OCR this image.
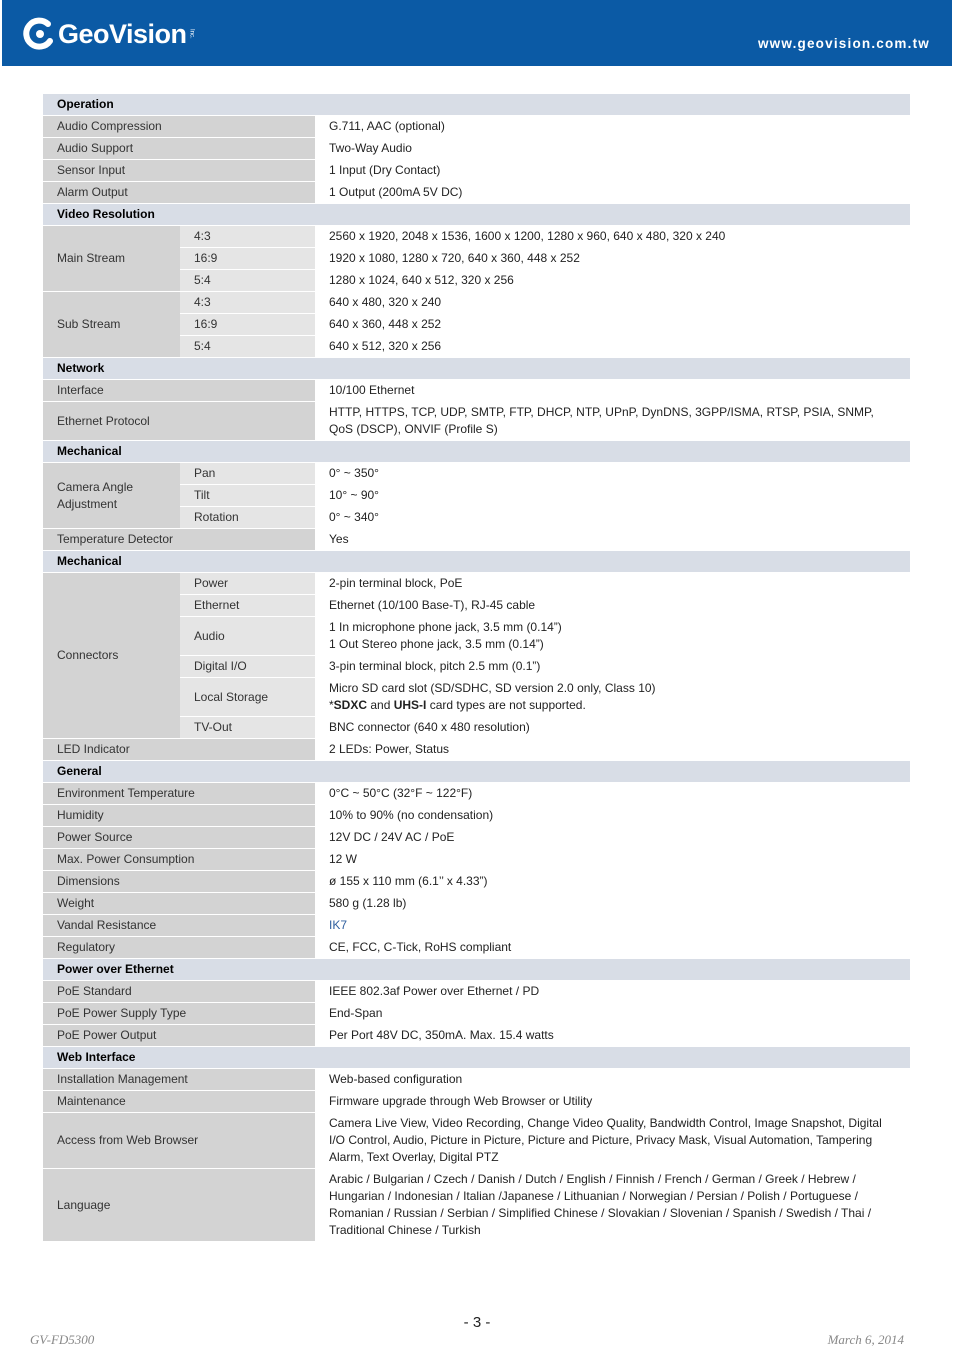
GeoVision Inc.
www.geovision.com.tw
Operation		
Audio Compression		G.711, AAC (optional)
Audio Support		Two-Way Audio
Sensor Input		1 Input (Dry Contact)
Alarm Output		1 Output (200mA 5V DC)
Video Resolution		
Main Stream	4:3	2560 x 1920, 2048 x 1536, 1600 x 1200, 1280 x 960, 640 x 480, 320 x 240
	16:9	1920 x 1080, 1280 x 720, 640 x 360, 448 x 252
	5:4	1280 x 1024, 640 x 512, 320 x 256
Sub Stream	4:3	640 x 480, 320 x 240
	16:9	640 x 360, 448 x 252
	5:4	640 x 512, 320 x 256
Network		
Interface		10/100 Ethernet
Ethernet Protocol		HTTP, HTTPS, TCP, UDP, SMTP, FTP, DHCP, NTP, UPnP, DynDNS, 3GPP/ISMA, RTSP, PSIA, SNMP, QoS (DSCP), ONVIF (Profile S)
Mechanical		
Camera Angle Adjustment	Pan	0° ~ 350°
	Tilt	10° ~ 90°
	Rotation	0° ~ 340°
Temperature Detector		Yes
Mechanical		
Connectors	Power	2-pin terminal block, PoE
	Ethernet	Ethernet (10/100 Base-T), RJ-45 cable
	Audio	1 In microphone phone jack, 3.5 mm (0.14”)
1 Out Stereo phone jack, 3.5 mm (0.14”)

	Digital I/O	3-pin terminal block, pitch 2.5 mm (0.1”)
	Local Storage	Micro SD card slot (SD/SDHC, SD version 2.0 only, Class 10)
*SDXC and UHS-I card types are not supported.

	TV-Out	BNC connector (640 x 480 resolution)
LED Indicator		2 LEDs: Power, Status
General		
Environment Temperature		0°C ~ 50°C (32°F ~ 122°F)
Humidity		10% to 90% (no condensation)
Power Source		12V DC / 24V AC / PoE
Max. Power Consumption		12 W
Dimensions		ø 155 x 110 mm (6.1’’ x 4.33”)
Weight		580 g (1.28 lb)
Vandal Resistance		IK7
Regulatory		CE, FCC, C-Tick, RoHS compliant
Power over Ethernet		
PoE Standard		IEEE 802.3af Power over Ethernet / PD
PoE Power Supply Type		End-Span
PoE Power Output		Per Port 48V DC, 350mA. Max. 15.4 watts
Web Interface		
Installation Management		Web-based configuration
Maintenance		Firmware upgrade through Web Browser or Utility
Access from Web Browser		Camera Live View, Video Recording, Change Video Quality, Bandwidth Control, Image Snapshot, Digital I/O Control, Audio, Picture in Picture, Picture and Picture, Privacy Mask, Visual Automation, Tampering Alarm, Text Overlay, Digital PTZ
Language		Arabic / Bulgarian / Czech / Danish / Dutch / English / Finnish / French / German / Greek / Hebrew / Hungarian / Indonesian / Italian /Japanese / Lithuanian / Norwegian / Persian / Polish / Portuguese / Romanian / Russian / Serbian / Simplified Chinese / Slovakian / Slovenian / Spanish / Swedish / Thai / Traditional Chinese / Turkish
- 3 -
GV-FD5300	March 6, 2014
